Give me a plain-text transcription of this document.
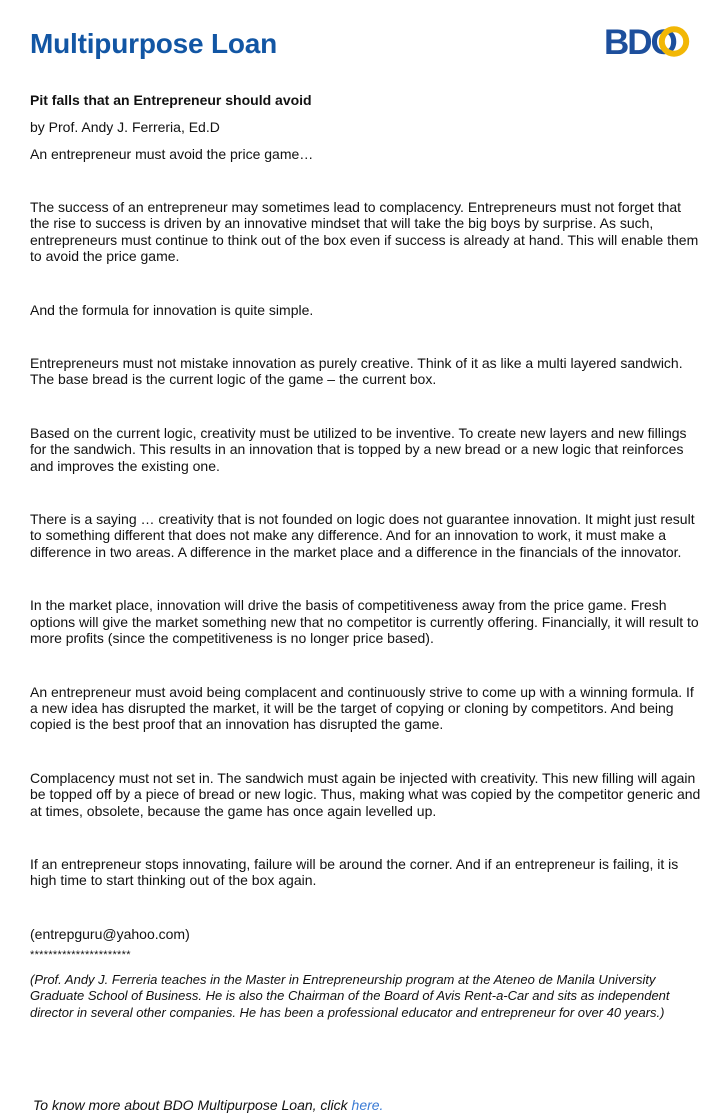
Multipurpose Loan	BDO

Pit falls that an Entrepreneur should avoid

by Prof. Andy J. Ferreria, Ed.D

An entrepreneur must avoid the price game…

The success of an entrepreneur may sometimes lead to complacency. Entrepreneurs must not forget that the rise to success is driven by an innovative mindset that will take the big boys by surprise. As such, entrepreneurs must continue to think out of the box even if success is already at hand. This will enable them to avoid the price game.

And the formula for innovation is quite simple.

Entrepreneurs must not mistake innovation as purely creative. Think of it as like a multi layered sandwich. The base bread is the current logic of the game – the current box.

Based on the current logic, creativity must be utilized to be inventive. To create new layers and new fillings for the sandwich. This results in an innovation that is topped by a new bread or a new logic that reinforces and improves the existing one.

There is a saying … creativity that is not founded on logic does not guarantee innovation. It might just result to something different that does not make any difference. And for an innovation to work, it must make a difference in two areas. A difference in the market place and a difference in the financials of the innovator.

In the market place, innovation will drive the basis of competitiveness away from the price game. Fresh options will give the market something new that no competitor is currently offering. Financially, it will result to more profits (since the competitiveness is no longer price based).

An entrepreneur must avoid being complacent and continuously strive to come up with a winning formula. If a new idea has disrupted the market, it will be the target of copying or cloning by competitors. And being copied is the best proof that an innovation has disrupted the game.

Complacency must not set in. The sandwich must again be injected with creativity. This new filling will again be topped off by a piece of bread or new logic. Thus, making what was copied by the competitor generic and at times, obsolete, because the game has once again levelled up.

If an entrepreneur stops innovating, failure will be around the corner. And if an entrepreneur is failing, it is high time to start thinking out of the box again.

(entrepguru@yahoo.com)

**********************

(Prof. Andy J. Ferreria teaches in the Master in Entrepreneurship program at the Ateneo de Manila University Graduate School of Business. He is also the Chairman of the Board of Avis Rent-a-Car and sits as independent director in several other companies. He has been a professional educator and entrepreneur for over 40 years.)

To know more about BDO Multipurpose Loan, click here.
